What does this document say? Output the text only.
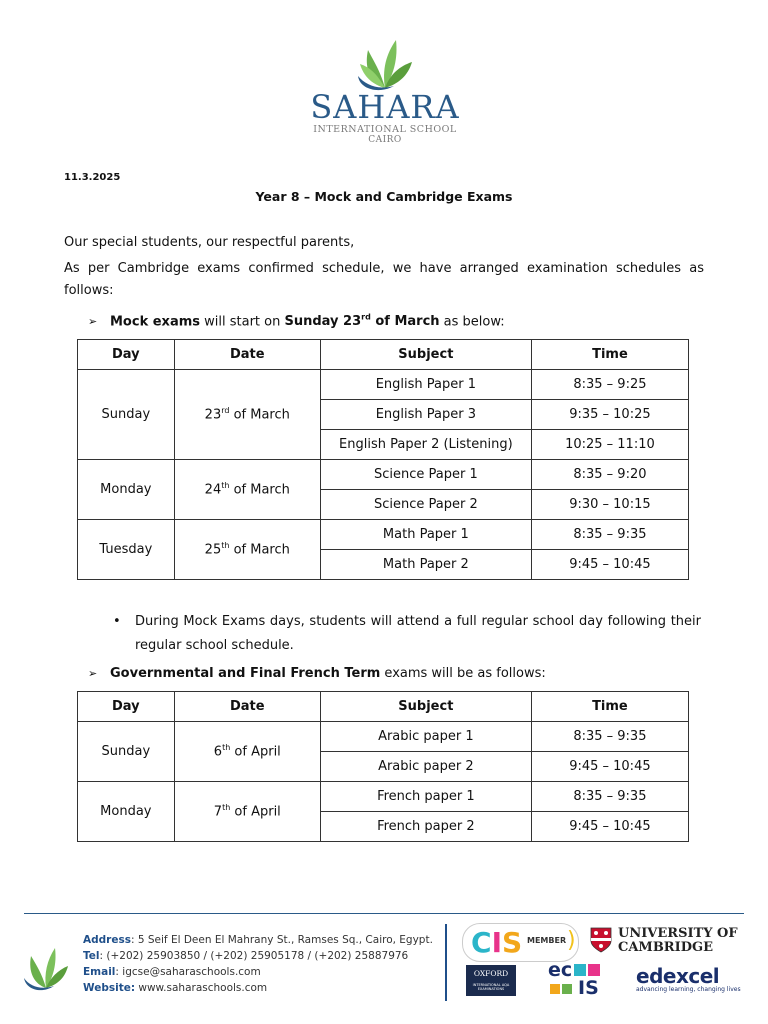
SAHARA
INTERNATIONAL SCHOOL
CAIRO
11.3.2025
Year 8 – Mock and Cambridge Exams
Our special students, our respectful parents,
As per Cambridge exams confirmed schedule, we have arranged examination schedules as follows:
➢ Mock exams will start on Sunday 23rd of March as below:
Day	Date	Subject	Time
Sunday	23rd of March	English Paper 1	8:35 – 9:25
		English Paper 3	9:35 – 10:25
		English Paper 2 (Listening)	10:25 – 11:10
Monday	24th of March	Science Paper 1	8:35 – 9:20
		Science Paper 2	9:30 – 10:15
Tuesday	25th of March	Math Paper 1	8:35 – 9:35
		Math Paper 2	9:45 – 10:45
• During Mock Exams days, students will attend a full regular school day following their regular school schedule.
➢ Governmental and Final French Term exams will be as follows:
Day	Date	Subject	Time
Sunday	6th of April	Arabic paper 1	8:35 – 9:35
		Arabic paper 2	9:45 – 10:45
Monday	7th of April	French paper 1	8:35 – 9:35
		French paper 2	9:45 – 10:45
Address: 5 Seif El Deen El Mahrany St., Ramses Sq., Cairo, Egypt.
Tel: (+202) 25903850 / (+202) 25905178 / (+202) 25887976
Email: igcse@saharaschools.com
Website: www.saharaschools.com
CIS MEMBER )	UNIVERSITY OF
CAMBRIDGE
OXFORD
INTERNATIONAL AQA EXAMINATIONS
ec
IS edexcel
advancing learning, changing lives
